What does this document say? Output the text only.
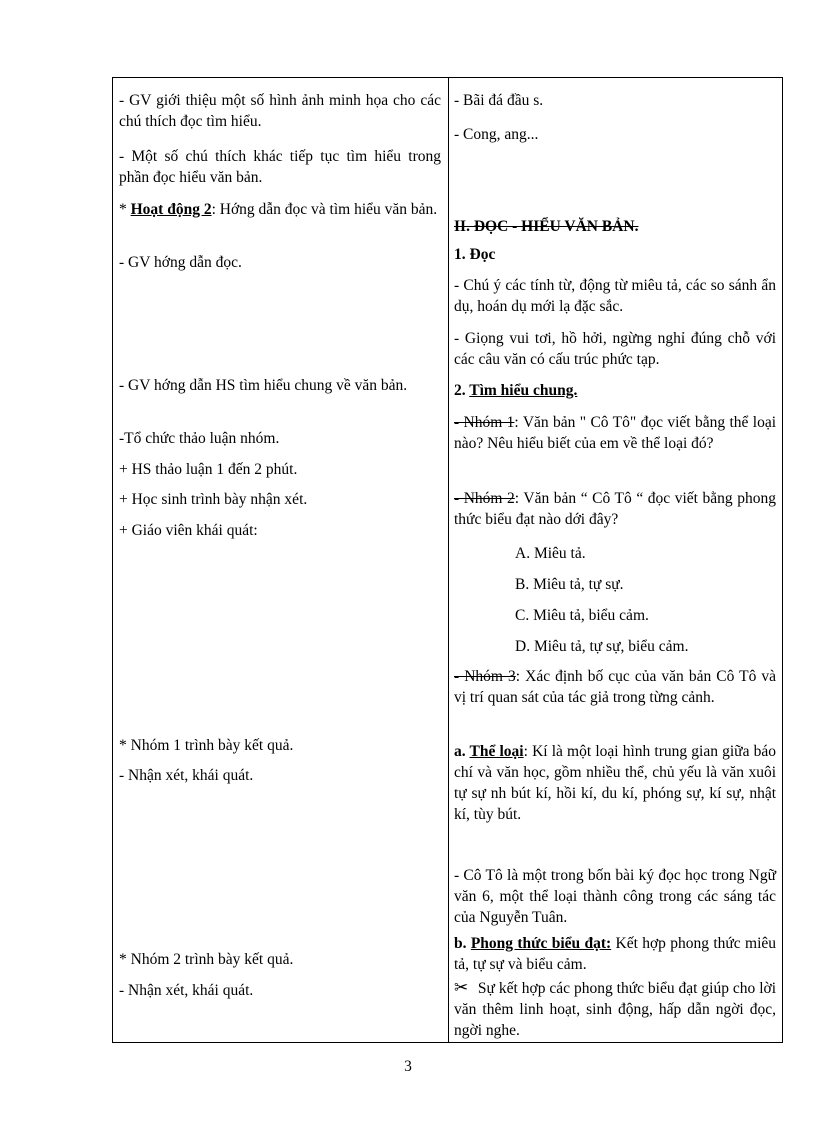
- GV giới thiệu một số hình ảnh minh họa cho các chú thích đọc tìm hiểu.
- Một số chú thích khác tiếp tục tìm hiểu trong phần đọc hiểu văn bản.
* Hoạt động 2: Hớng dẫn đọc và tìm hiểu văn bản.
- GV hớng dẫn đọc.
- GV hớng dẫn HS tìm hiểu chung về văn bản.
-Tổ chức thảo luận nhóm.
+ HS thảo luận 1 đến 2 phút.
+ Học sinh trình bày nhận xét.
+ Giáo viên khái quát:
* Nhóm 1 trình bày kết quả.
- Nhận xét, khái quát.
* Nhóm 2 trình bày kết quả.
- Nhận xét, khái quát.
- Bãi đá đầu s.
- Cong, ang...
II. ĐỌC - HIỂU VĂN BẢN.
1. Đọc
- Chú ý các tính từ, động từ miêu tả, các so sánh ẩn dụ, hoán dụ mới lạ đặc sắc.
- Giọng vui tơi, hồ hởi, ngừng nghỉ đúng chỗ với các câu văn có cấu trúc phức tạp.
2. Tìm hiểu chung.
- Nhóm 1: Văn bản " Cô Tô" đọc viết bằng thể loại nào? Nêu hiểu biết của em về thể loại đó?
- Nhóm 2: Văn bản “ Cô Tô “ đọc viết bằng phong thức biểu đạt nào dới đây?
A. Miêu tả.
B. Miêu tả, tự sự.
C. Miêu tả, biểu cảm.
D. Miêu tả, tự sự, biểu cảm.
- Nhóm 3: Xác định bố cục của văn bản Cô Tô và vị trí quan sát của tác giả trong từng cảnh.
a. Thể loại: Kí là một loại hình trung gian giữa báo chí và văn học, gồm nhiều thể, chủ yếu là văn xuôi tự sự nh bút kí, hồi kí, du kí, phóng sự, kí sự, nhật kí, tùy bút.
- Cô Tô là một trong bốn bài ký đọc học trong Ngữ văn 6, một thể loại thành công trong các sáng tác của Nguyễn Tuân.
b. Phong thức biểu đạt: Kết hợp phong thức miêu tả, tự sự và biểu cảm.
✂ Sự kết hợp các phong thức biểu đạt giúp cho lời văn thêm linh hoạt, sinh động, hấp dẫn ngời đọc, ngời nghe.
3
